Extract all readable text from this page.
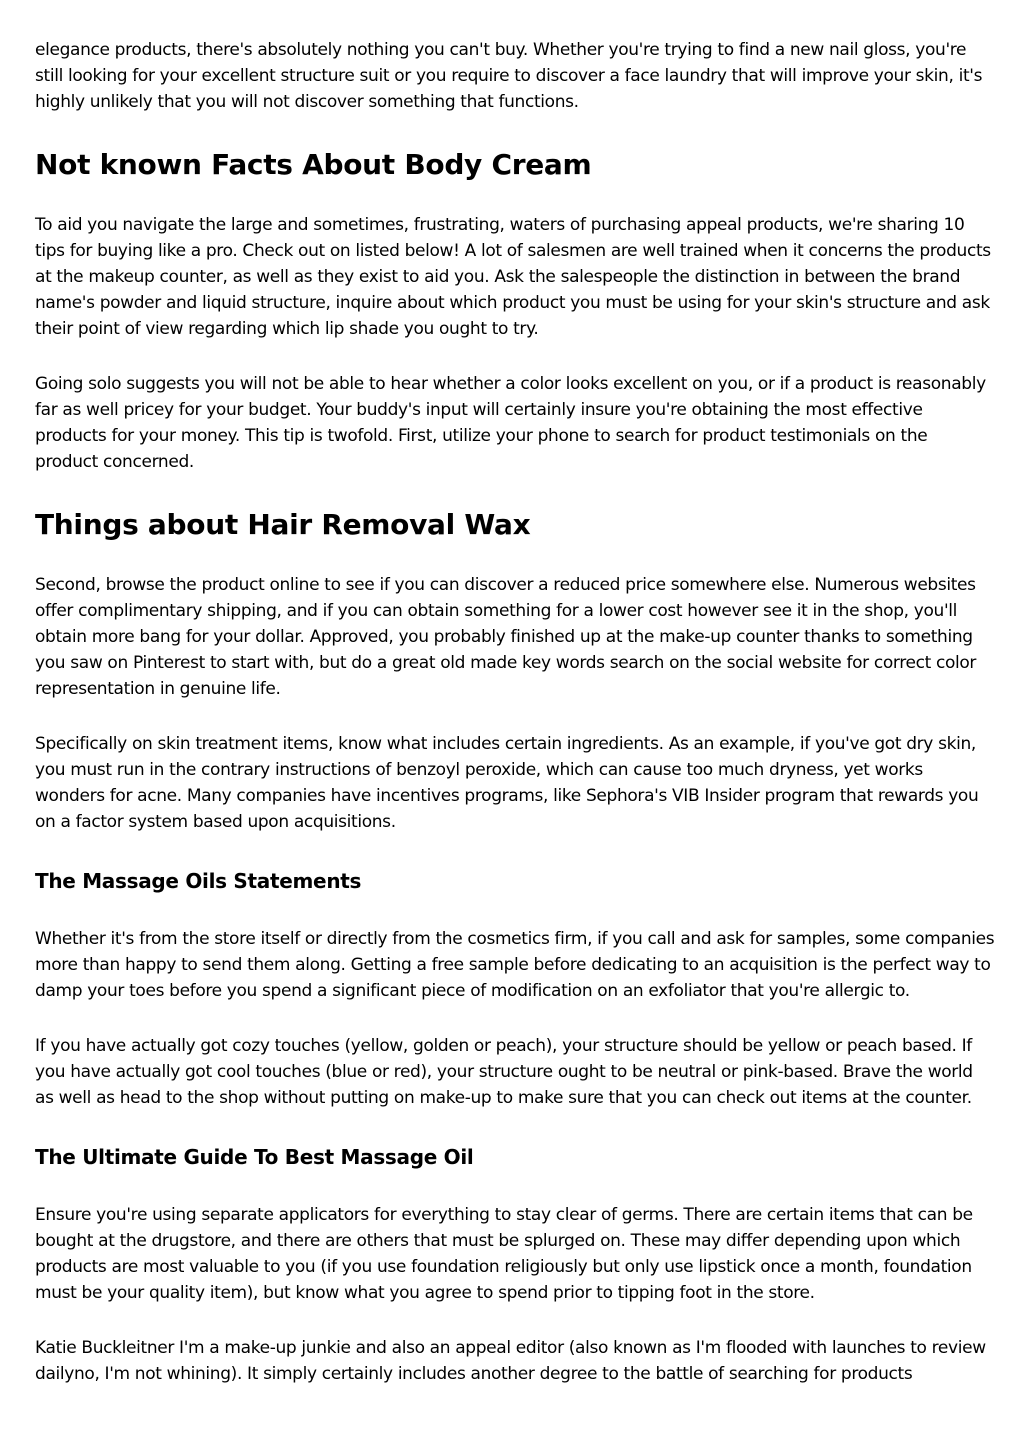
elegance products, there's absolutely nothing you can't buy. Whether you're trying to find a new nail gloss, you're still looking for your excellent structure suit or you require to discover a face laundry that will improve your skin, it's highly unlikely that you will not discover something that functions.

Not known Facts About Body Cream

To aid you navigate the large and sometimes, frustrating, waters of purchasing appeal products, we're sharing 10 tips for buying like a pro. Check out on listed below! A lot of salesmen are well trained when it concerns the products at the makeup counter, as well as they exist to aid you. Ask the salespeople the distinction in between the brand name's powder and liquid structure, inquire about which product you must be using for your skin's structure and ask their point of view regarding which lip shade you ought to try.

Going solo suggests you will not be able to hear whether a color looks excellent on you, or if a product is reasonably far as well pricey for your budget. Your buddy's input will certainly insure you're obtaining the most effective products for your money. This tip is twofold. First, utilize your phone to search for product testimonials on the product concerned.

Things about Hair Removal Wax

Second, browse the product online to see if you can discover a reduced price somewhere else. Numerous websites offer complimentary shipping, and if you can obtain something for a lower cost however see it in the shop, you'll obtain more bang for your dollar. Approved, you probably finished up at the make-up counter thanks to something you saw on Pinterest to start with, but do a great old made key words search on the social website for correct color representation in genuine life.

Specifically on skin treatment items, know what includes certain ingredients. As an example, if you've got dry skin, you must run in the contrary instructions of benzoyl peroxide, which can cause too much dryness, yet works wonders for acne. Many companies have incentives programs, like Sephora's VIB Insider program that rewards you on a factor system based upon acquisitions.

The Massage Oils Statements

Whether it's from the store itself or directly from the cosmetics firm, if you call and ask for samples, some companies more than happy to send them along. Getting a free sample before dedicating to an acquisition is the perfect way to damp your toes before you spend a significant piece of modification on an exfoliator that you're allergic to.

If you have actually got cozy touches (yellow, golden or peach), your structure should be yellow or peach based. If you have actually got cool touches (blue or red), your structure ought to be neutral or pink-based. Brave the world as well as head to the shop without putting on make-up to make sure that you can check out items at the counter.

The Ultimate Guide To Best Massage Oil

Ensure you're using separate applicators for everything to stay clear of germs. There are certain items that can be bought at the drugstore, and there are others that must be splurged on. These may differ depending upon which products are most valuable to you (if you use foundation religiously but only use lipstick once a month, foundation must be your quality item), but know what you agree to spend prior to tipping foot in the store.

Katie Buckleitner I'm a make-up junkie and also an appeal editor (also known as I'm flooded with launches to review dailyno, I'm not whining). It simply certainly includes another degree to the battle of searching for products
